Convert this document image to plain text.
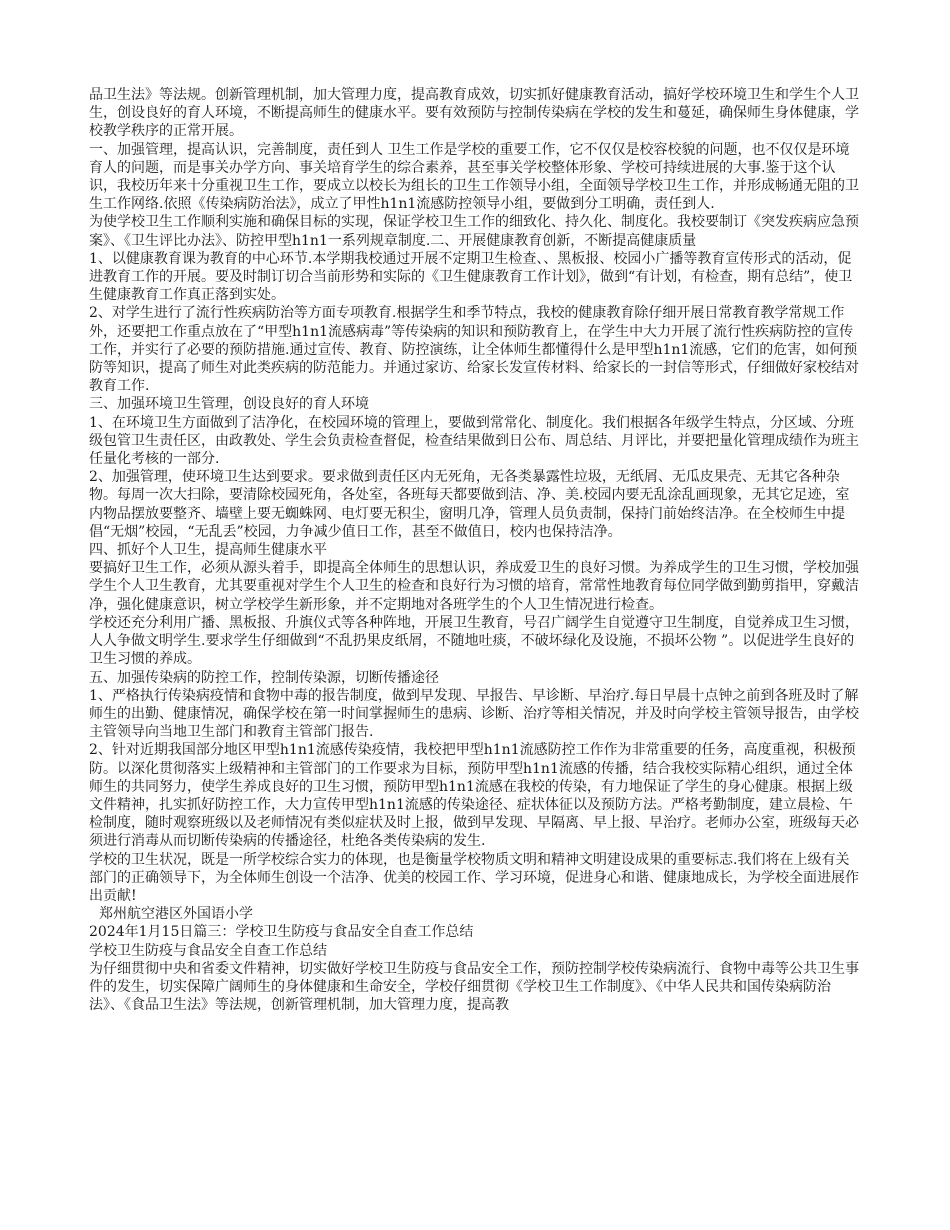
品卫生法》等法规。创新管理机制，加大管理力度，提高教育成效，切实抓好健康教育活动，搞好学校环境卫生和学生个人卫生，创设良好的育人环境，不断提高师生的健康水平。要有效预防与控制传染病在学校的发生和蔓延，确保师生身体健康，学校教学秩序的正常开展。

一、加强管理，提高认识，完善制度，责任到人 卫生工作是学校的重要工作，它不仅仅是校容校貌的问题，也不仅仅是环境育人的问题，而是事关办学方向、事关培育学生的综合素养，甚至事关学校整体形象、学校可持续进展的大事.鉴于这个认识，我校历年来十分重视卫生工作，要成立以校长为组长的卫生工作领导小组，全面领导学校卫生工作，并形成畅通无阻的卫生工作网络.依照《传染病防治法》，成立了甲性h1n1流感防控领导小组，要做到分工明确，责任到人.

为使学校卫生工作顺利实施和确保目标的实现，保证学校卫生工作的细致化、持久化、制度化。我校要制订《突发疾病应急预案》、《卫生评比办法》、防控甲型h1n1一系列规章制度.二、开展健康教育创新，不断提高健康质量

1、以健康教育课为教育的中心环节.本学期我校通过开展不定期卫生检查、、黑板报、校园小广播等教育宣传形式的活动，促进教育工作的开展。要及时制订切合当前形势和实际的《卫生健康教育工作计划》，做到“有计划，有检查，期有总结”，使卫生健康教育工作真正落到实处。

2、对学生进行了流行性疾病防治等方面专项教育.根据学生和季节特点，我校的健康教育除仔细开展日常教育教学常规工作外，还要把工作重点放在了“甲型h1n1流感病毒”等传染病的知识和预防教育上，在学生中大力开展了流行性疾病防控的宣传工作，并实行了必要的预防措施.通过宣传、教育、防控演练，让全体师生都懂得什么是甲型h1n1流感，它们的危害，如何预防等知识，提高了师生对此类疾病的防范能力。并通过家访、给家长发宣传材料、给家长的一封信等形式，仔细做好家校结对教育工作.

三、加强环境卫生管理，创设良好的育人环境

1、在环境卫生方面做到了洁净化，在校园环境的管理上，要做到常常化、制度化。我们根据各年级学生特点，分区域、分班级包管卫生责任区，由政教处、学生会负责检查督促，检查结果做到日公布、周总结、月评比，并要把量化管理成绩作为班主任量化考核的一部分.

2、加强管理，使环境卫生达到要求。要求做到责任区内无死角，无各类暴露性垃圾，无纸屑、无瓜皮果壳、无其它各种杂物。每周一次大扫除，要清除校园死角，各处室，各班每天都要做到洁、净、美.校园内要无乱涂乱画现象，无其它足迹，室内物品摆放要整齐、墙壁上要无蜘蛛网、电灯要无积尘，窗明几净，管理人员负责制，保持门前始终洁净。在全校师生中提倡“无烟”校园，“无乱丢”校园，力争减少值日工作，甚至不做值日，校内也保持洁净。

四、抓好个人卫生，提高师生健康水平

要搞好卫生工作，必须从源头着手，即提高全体师生的思想认识，养成爱卫生的良好习惯。为养成学生的卫生习惯，学校加强学生个人卫生教育，尤其要重视对学生个人卫生的检查和良好行为习惯的培育，常常性地教育每位同学做到勤剪指甲，穿戴洁净，强化健康意识，树立学校学生新形象，并不定期地对各班学生的个人卫生情况进行检查。

学校还充分利用广播、黑板报、升旗仪式等各种阵地，开展卫生教育，号召广阔学生自觉遵守卫生制度，自觉养成卫生习惯，人人争做文明学生.要求学生仔细做到“不乱扔果皮纸屑，不随地吐痰，不破坏绿化及设施，不损坏公物 ”。以促进学生良好的卫生习惯的养成。

五、加强传染病的防控工作，控制传染源，切断传播途径

1、严格执行传染病疫情和食物中毒的报告制度，做到早发现、早报告、早诊断、早治疗.每日早晨十点钟之前到各班及时了解师生的出勤、健康情况，确保学校在第一时间掌握师生的患病、诊断、治疗等相关情况，并及时向学校主管领导报告，由学校主管领导向当地卫生部门和教育主管部门报告.

2、针对近期我国部分地区甲型h1n1流感传染疫情，我校把甲型h1n1流感防控工作作为非常重要的任务，高度重视，积极预防。以深化贯彻落实上级精神和主管部门的工作要求为目标，预防甲型h1n1流感的传播，结合我校实际精心组织，通过全体师生的共同努力，使学生养成良好的卫生习惯，预防甲型h1n1流感在我校的传染，有力地保证了学生的身心健康。根据上级文件精神，扎实抓好防控工作，大力宣传甲型h1n1流感的传染途径、症状体征以及预防方法。严格考勤制度，建立晨检、午检制度，随时观察班级以及老师情况有类似症状及时上报，做到早发现、早隔离、早上报、早治疗。老师办公室，班级每天必须进行消毒从而切断传染病的传播途径，杜绝各类传染病的发生.

学校的卫生状况，既是一所学校综合实力的体现，也是衡量学校物质文明和精神文明建设成果的重要标志.我们将在上级有关部门的正确领导下，为全体师生创设一个洁净、优美的校园工作、学习环境，促进身心和谐、健康地成长，为学校全面进展作出贡献!

郑州航空港区外国语小学

2024年1月15日篇三：学校卫生防疫与食品安全自查工作总结

学校卫生防疫与食品安全自查工作总结

为仔细贯彻中央和省委文件精神，切实做好学校卫生防疫与食品安全工作，预防控制学校传染病流行、食物中毒等公共卫生事件的发生，切实保障广阔师生的身体健康和生命安全，学校仔细贯彻《学校卫生工作制度》、《中华人民共和国传染病防治法》、《食品卫生法》等法规，创新管理机制，加大管理力度，提高教
